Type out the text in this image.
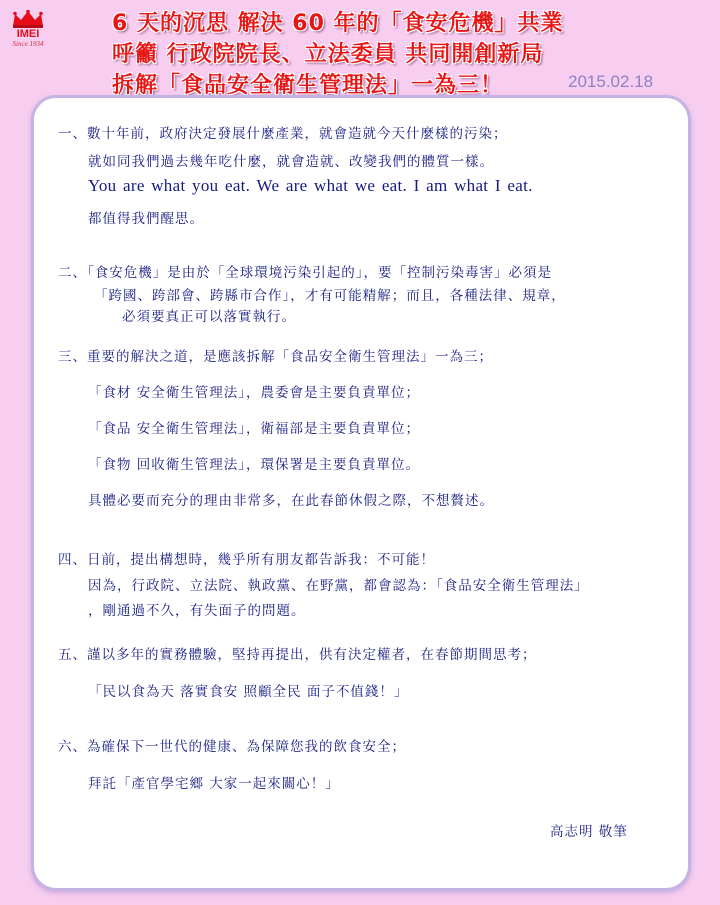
IMEI
Since 1934
6 天的沉思 解決 60 年的「食安危機」共業
呼籲 行政院院長、立法委員 共同開創新局
拆解「食品安全衛生管理法」一為三！	2015.02.18
一、數十年前，政府決定發展什麼產業，就會造就今天什麼樣的污染；
就如同我們過去幾年吃什麼，就會造就、改變我們的體質一樣。
You are what you eat. We are what we eat. I am what I eat.
都值得我們醒思。
二、「食安危機」是由於「全球環境污染引起的」，要「控制污染毒害」必須是
「跨國、跨部會、跨縣市合作」，才有可能精解；而且，各種法律、規章，
必須要真正可以落實執行。
三、重要的解決之道，是應該拆解「食品安全衛生管理法」一為三；
「食材 安全衛生管理法」，農委會是主要負責單位；
「食品 安全衛生管理法」，衛福部是主要負責單位；
「食物 回收衛生管理法」，環保署是主要負責單位。
具體必要而充分的理由非常多，在此春節休假之際，不想贅述。
四、日前，提出構想時，幾乎所有朋友都告訴我：不可能！
因為，行政院、立法院、執政黨、在野黨，都會認為：「食品安全衛生管理法」
，剛通過不久，有失面子的問題。
五、謹以多年的實務體驗，堅持再提出，供有決定權者，在春節期間思考；
「民以食為天 落實食安 照顧全民 面子不值錢！」
六、為確保下一世代的健康、為保障您我的飲食安全；
拜託「產官學宅鄉 大家一起來關心！」
高志明 敬筆
